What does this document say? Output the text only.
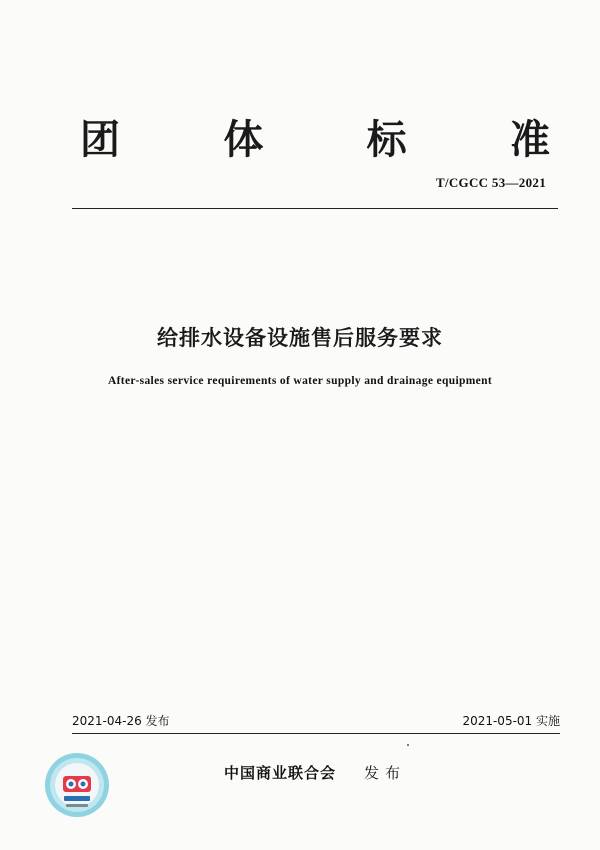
团	体	标	准
T/CGCC 53—2021
给排水设备设施售后服务要求
After-sales service requirements of water supply and drainage equipment
2021-04-26 发布	2021-05-01 实施
中国商业联合会 发布
